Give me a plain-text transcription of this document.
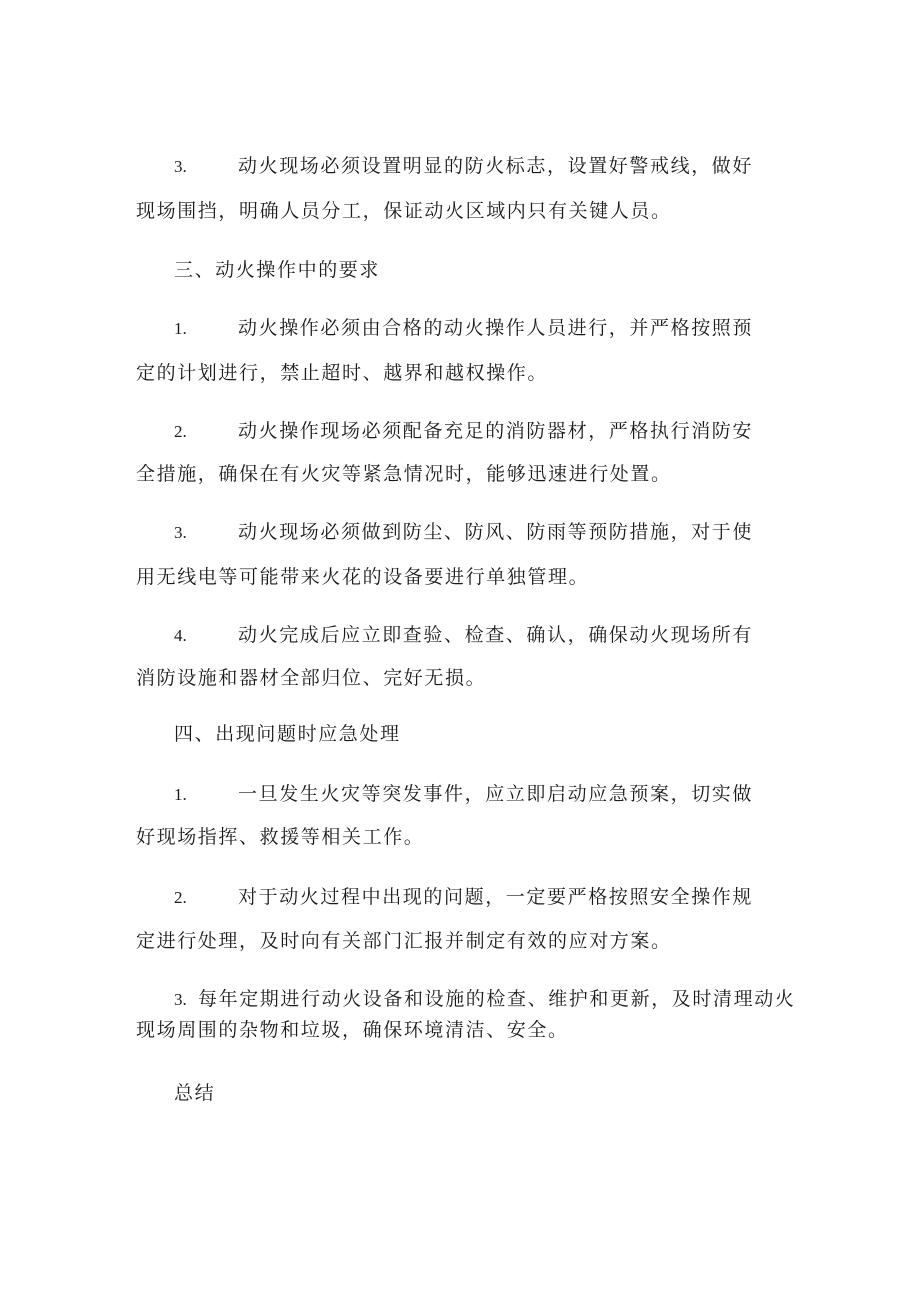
3.	动火现场必须设置明显的防火标志，设置好警戒线，做好
现场围挡，明确人员分工，保证动火区域内只有关键人员。
三、动火操作中的要求
1.	动火操作必须由合格的动火操作人员进行，并严格按照预
定的计划进行，禁止超时、越界和越权操作。
2.	动火操作现场必须配备充足的消防器材，严格执行消防安
全措施，确保在有火灾等紧急情况时，能够迅速进行处置。
3.	动火现场必须做到防尘、防风、防雨等预防措施，对于使
用无线电等可能带来火花的设备要进行单独管理。
4.	动火完成后应立即查验、检查、确认，确保动火现场所有
消防设施和器材全部归位、完好无损。
四、出现问题时应急处理
1.	一旦发生火灾等突发事件，应立即启动应急预案，切实做
好现场指挥、救援等相关工作。
2.	对于动火过程中出现的问题，一定要严格按照安全操作规
定进行处理，及时向有关部门汇报并制定有效的应对方案。
3. 每年定期进行动火设备和设施的检查、维护和更新，及时清理动火
现场周围的杂物和垃圾，确保环境清洁、安全。
总结
